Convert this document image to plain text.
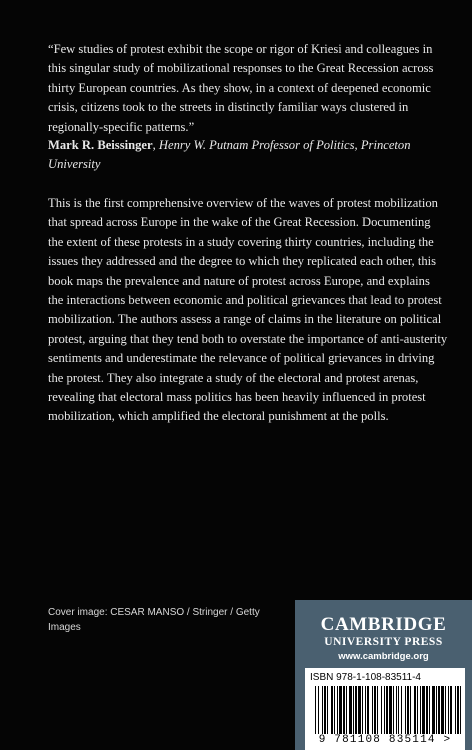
“Few studies of protest exhibit the scope or rigor of Kriesi and colleagues in this singular study of mobilizational responses to the Great Recession across thirty European countries. As they show, in a context of deepened economic crisis, citizens took to the streets in distinctly familiar ways clustered in regionally-specific patterns.”

Mark R. Beissinger, Henry W. Putnam Professor of Politics, Princeton University

This is the first comprehensive overview of the waves of protest mobilization that spread across Europe in the wake of the Great Recession. Documenting the extent of these protests in a study covering thirty countries, including the issues they addressed and the degree to which they replicated each other, this book maps the prevalence and nature of protest across Europe, and explains the interactions between economic and political grievances that lead to protest mobilization. The authors assess a range of claims in the literature on political protest, arguing that they tend both to overstate the importance of anti-austerity sentiments and underestimate the relevance of political grievances in driving the protest. They also integrate a study of the electoral and protest arenas, revealing that electoral mass politics has been heavily influenced in protest mobilization, which amplified the electoral punishment at the polls.

Cover image: CESAR MANSO / Stringer / Getty Images	CAMBRIDGE
UNIVERSITY PRESS
www.cambridge.org
ISBN 978-1-108-83511-4
9 781108 835114 >
